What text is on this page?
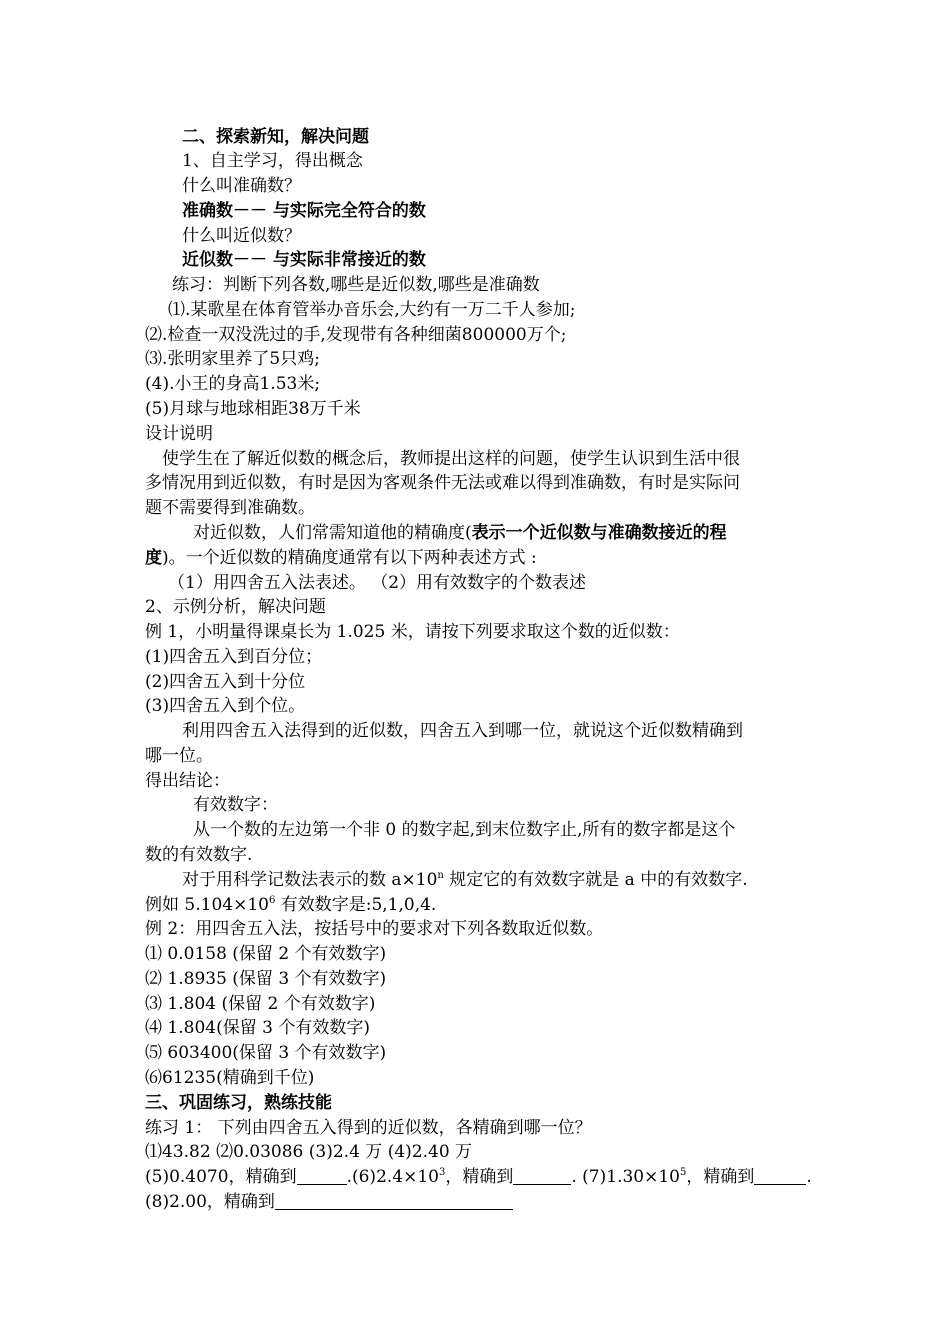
二、探索新知，解决问题
1、自主学习，得出概念
什么叫准确数？
准确数－－ 与实际完全符合的数
什么叫近似数？
近似数－－ 与实际非常接近的数
练习：判断下列各数,哪些是近似数,哪些是准确数
⑴.某歌星在体育管举办音乐会,大约有一万二千人参加;
⑵.检查一双没洗过的手,发现带有各种细菌800000万个;
⑶.张明家里养了5只鸡;
(4).小王的身高1.53米;
(5)月球与地球相距38万千米
设计说明
使学生在了解近似数的概念后，教师提出这样的问题，使学生认识到生活中很
多情况用到近似数，有时是因为客观条件无法或难以得到准确数，有时是实际问
题不需要得到准确数。
对近似数，人们常需知道他的精确度(表示一个近似数与准确数接近的程
度)。一个近似数的精确度通常有以下两种表述方式 :
（1）用四舍五入法表述。 （2）用有效数字的个数表述
2、示例分析，解决问题
例 1，小明量得课桌长为 1.025 米，请按下列要求取这个数的近似数：
(1)四舍五入到百分位；
(2)四舍五入到十分位
(3)四舍五入到个位。
利用四舍五入法得到的近似数，四舍五入到哪一位，就说这个近似数精确到
哪一位。
得出结论：
有效数字：
从一个数的左边第一个非 0 的数字起,到末位数字止,所有的数字都是这个
数的有效数字.
对于用科学记数法表示的数 $a\times 10^n$ 规定它的有效数字就是 a 中的有效数字.
例如 $5.104\times 10^6$ 有效数字是:5,1,0,4.
例 2：用四舍五入法，按括号中的要求对下列各数取近似数。
⑴ 0.0158 (保留 2 个有效数字)
⑵ 1.8935 (保留 3 个有效数字)
⑶ 1.804 (保留 2 个有效数字)
⑷ 1.804(保留 3 个有效数字)
⑸ 603400(保留 3 个有效数字)
⑹61235(精确到千位)
三、巩固练习，熟练技能
练习 1： 下列由四舍五入得到的近似数，各精确到哪一位？
⑴43.82 ⑵0.03086 (3)2.4 万 (4)2.40 万
(5)0.4070，精确到	$.(6)2.4\times 10^3$，精确到	. $(7)1.30\times 10^5$，精确到	.
(8)2.00，精确到
